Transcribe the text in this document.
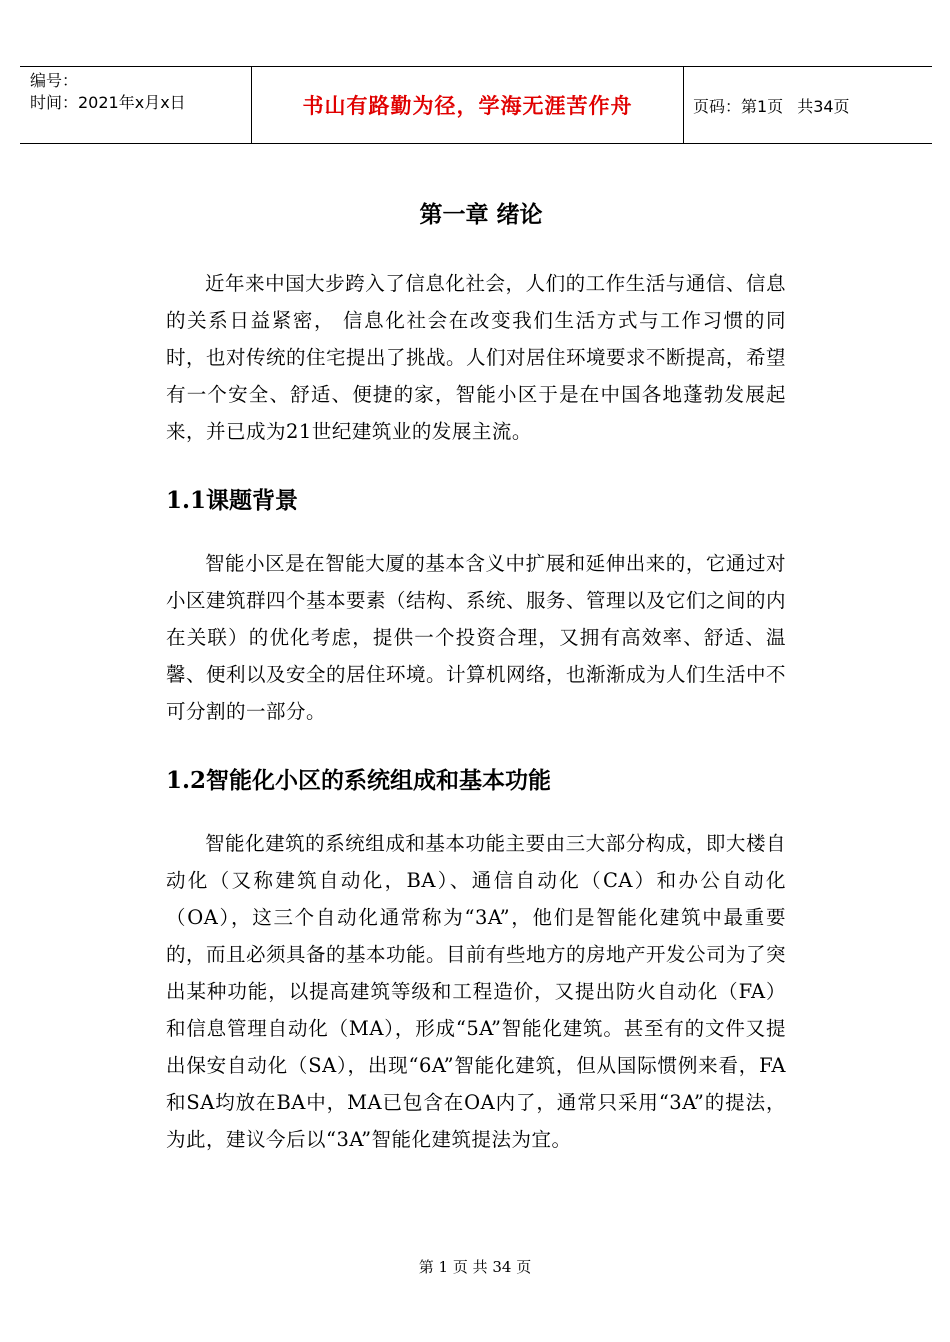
编号：
时间：2021年x月x日	书山有路勤为径，学海无涯苦作舟	页码：第1页 共34页
第一章 绪论

近年来中国大步跨入了信息化社会，人们的工作生活与通信、信息的关系日益紧密， 信息化社会在改变我们生活方式与工作习惯的同时，也对传统的住宅提出了挑战。人们对居住环境要求不断提高，希望有一个安全、舒适、便捷的家，智能小区于是在中国各地蓬勃发展起来，并已成为21世纪建筑业的发展主流。

1.1课题背景

智能小区是在智能大厦的基本含义中扩展和延伸出来的，它通过对小区建筑群四个基本要素（结构、系统、服务、管理以及它们之间的内在关联）的优化考虑，提供一个投资合理，又拥有高效率、舒适、温馨、便利以及安全的居住环境。计算机网络，也渐渐成为人们生活中不可分割的一部分。

1.2智能化小区的系统组成和基本功能

智能化建筑的系统组成和基本功能主要由三大部分构成，即大楼自动化（又称建筑自动化，BA）、通信自动化（CA）和办公自动化（OA），这三个自动化通常称为“3A”，他们是智能化建筑中最重要的，而且必须具备的基本功能。目前有些地方的房地产开发公司为了突出某种功能，以提高建筑等级和工程造价，又提出防火自动化（FA）和信息管理自动化（MA），形成“5A”智能化建筑。甚至有的文件又提出保安自动化（SA），出现“6A”智能化建筑，但从国际惯例来看，FA和SA均放在BA中，MA已包含在OA内了，通常只采用“3A”的提法，为此，建议今后以“3A”智能化建筑提法为宜。

第 1 页 共 34 页
